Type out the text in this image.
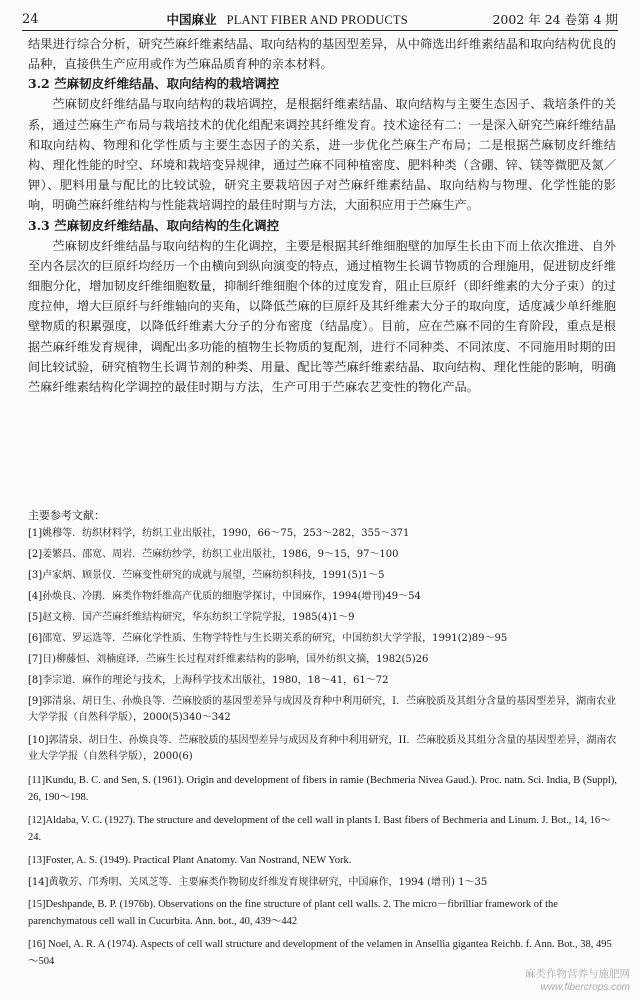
24	中国麻业 PLANT FIBER AND PRODUCTS	2002 年 24 卷第 4 期

结果进行综合分析，研究苎麻纤维素结晶、取向结构的基因型差异，从中筛选出纤维素结晶和取向结构优良的品种，直接供生产应用或作为苎麻品质育种的亲本材料。

3.2 苎麻韧皮纤维结晶、取向结构的栽培调控

苎麻韧皮纤维结晶与取向结构的栽培调控，是根据纤维素结晶、取向结构与主要生态因子、栽培条件的关系，通过苎麻生产布局与栽培技术的优化组配来调控其纤维发育。技术途径有二：一是深入研究苎麻纤维结晶和取向结构、物理和化学性质与主要生态因子的关系，进一步优化苎麻生产布局；二是根据苎麻韧皮纤维结构、理化性能的时空、环境和栽培变异规律，通过苎麻不同种植密度、肥料种类（含硼、锌、镁等微肥及氮／钾）、肥料用量与配比的比较试验，研究主要栽培因子对苎麻纤维素结晶、取向结构与物理、化学性能的影响，明确苎麻纤维结构与性能栽培调控的最佳时期与方法，大面积应用于苎麻生产。

3.3 苎麻韧皮纤维结晶、取向结构的生化调控

苎麻韧皮纤维结晶与取向结构的生化调控，主要是根据其纤维细胞壁的加厚生长由下而上依次推进、自外至内各层次的巨原纤均经历一个由横向到纵向演变的特点，通过植物生长调节物质的合理施用，促进韧皮纤维细胞分化，增加韧皮纤维细胞数量，抑制纤维细胞个体的过度发育，阻止巨原纤（即纤维素的大分子束）的过度拉伸，增大巨原纤与纤维轴向的夹角，以降低苎麻的巨原纤及其纤维素大分子的取向度，适度减少单纤维胞壁物质的积累强度，以降低纤维素大分子的分布密度（结晶度）。目前，应在苎麻不同的生育阶段，重点是根据苎麻纤维发育规律，调配出多功能的植物生长物质的复配剂，进行不同种类、不同浓度、不同施用时期的田间比较试验，研究植物生长调节剂的种类、用量、配比等苎麻纤维素结晶、取向结构、理化性能的影响，明确苎麻纤维素结构化学调控的最佳时期与方法，生产可用于苎麻农艺变性的物化产品。

主要参考文献：

[1]姚穆等．纺织材料学，纺织工业出版社，1990，66～75，253～282，355～371

[2]姜繁昌、邵宽、周岩．苎麻纺纱学，纺织工业出版社，1986，9～15，97～100

[3]卢家炳、顾景仪．苎麻变性研究的成就与展望，苎麻纺织科技，1991(5)1～5

[4]孙焕良、冷鹃．麻类作物纤维高产优质的细胞学探讨，中国麻作，1994(增刊)49～54

[5]赵文榜．国产苎麻纤维结构研究，华东纺织工学院学报，1985(4)1～9

[6]邵宽、罗运选等．苎麻化学性质、生物学特性与生长期关系的研究，中国纺织大学学报，1991(2)89～95

[7]日)柳藤恒、刘楠庭译．苎麻生长过程对纤维素结构的影响，国外纺织文摘，1982(5)26

[8]李宗道．麻作的理论与技术，上海科学技术出版社，1980，18～41，61～72

[9]郭清泉、胡日生、孙焕良等．苎麻胶质的基因型差异与成因及育种中利用研究，I．苎麻胶质及其组分含量的基因型差异，湖南农业大学学报（自然科学版），2000(5)340～342

[10]郭清泉、胡日生、孙焕良等．苎麻胶质的基因型差异与成因及育种中利用研究，II．苎麻胶质及其组分含量的基因型差异，湖南农业大学学报（自然科学版），2000(6)

[11]Kundu, B. C. and Sen, S. (1961). Origin and development of fibers in ramie (Bechmeria Nivea Gaud.). Proc. natn. Sci. India, B (Suppl), 26, 190～198.

[12]Aldaba, V. C. (1927). The structure and development of the cell wall in plants I. Bast fibers of Bechmeria and Linum. J. Bot., 14, 16～24.

[13]Foster, A. S. (1949). Practical Plant Anatomy. Van Nostrand, NEW York.

[14]黄敬芳、邝秀明、关凤芝等．主要麻类作物韧皮纤维发育规律研究，中国麻作，1994 (增刊) 1～35

[15]Deshpande, B. P. (1976b). Observations on the fine structure of plant cell walls. 2. The micro－fibrilliar framework of the parenchymatous cell wall in Cucurbita. Ann. bot., 40, 439～442

[16] Noel, A. R. A (1974). Aspects of cell wall structure and development of the velamen in Ansellia gigantea Reichb. f. Ann. Bot., 38, 495～504

麻类作物营养与施肥网
www.fibercrops.com
